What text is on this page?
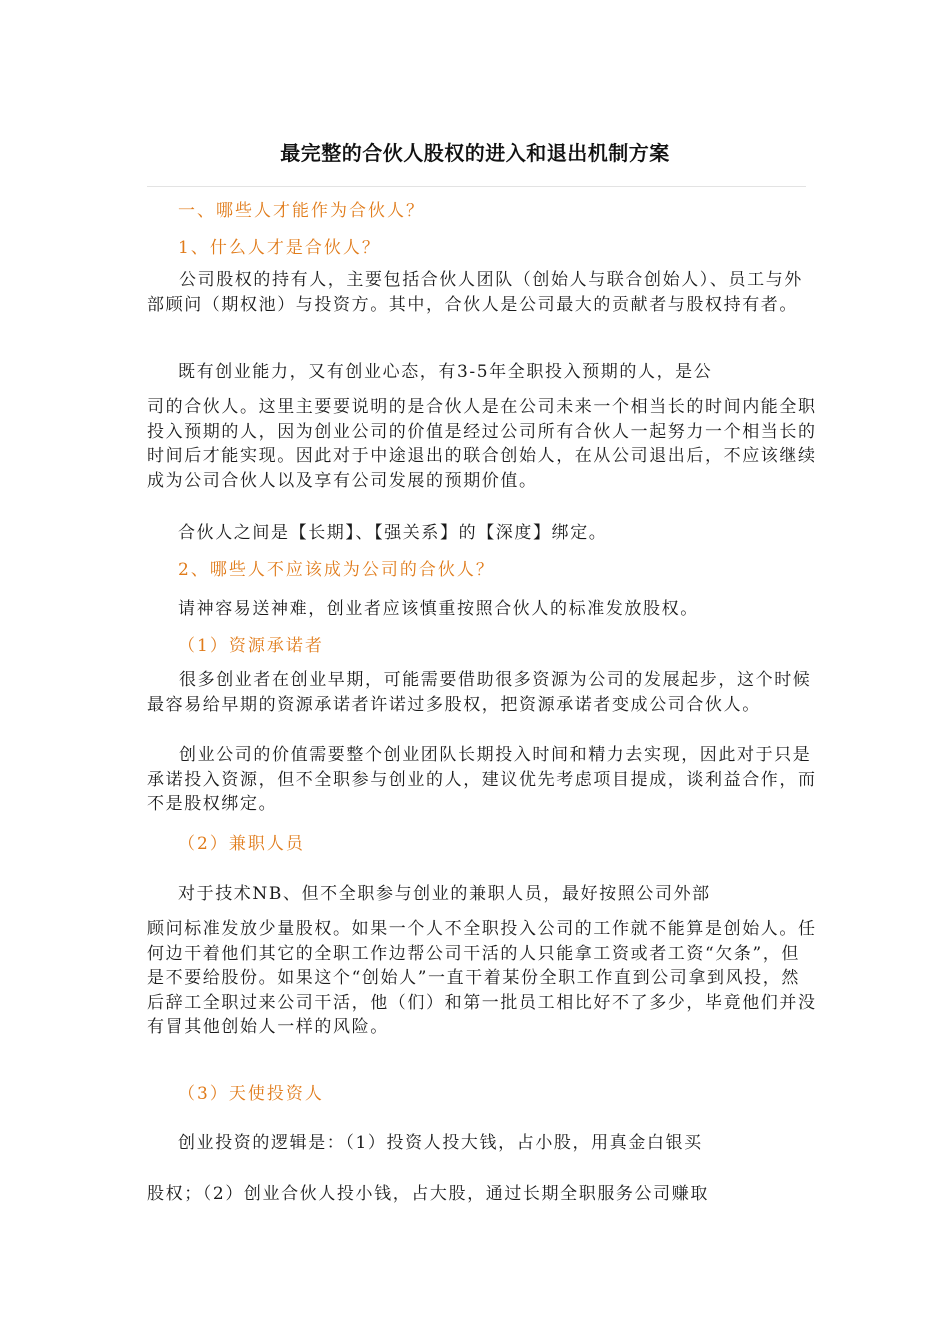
最完整的合伙人股权的进入和退出机制方案
一、哪些人才能作为合伙人？
1、什么人才是合伙人？
公司股权的持有人，主要包括合伙人团队（创始人与联合创始人）、员工与外部顾问（期权池）与投资方。其中，合伙人是公司最大的贡献者与股权持有者。
既有创业能力，又有创业心态，有3-5年全职投入预期的人，是公
司的合伙人。这里主要要说明的是合伙人是在公司未来一个相当长的时间内能全职投入预期的人，因为创业公司的价值是经过公司所有合伙人一起努力一个相当长的时间后才能实现。因此对于中途退出的联合创始人，在从公司退出后，不应该继续成为公司合伙人以及享有公司发展的预期价值。
合伙人之间是【长期】、【强关系】的【深度】绑定。
2、哪些人不应该成为公司的合伙人？
请神容易送神难，创业者应该慎重按照合伙人的标准发放股权。
（1）资源承诺者
很多创业者在创业早期，可能需要借助很多资源为公司的发展起步，这个时候最容易给早期的资源承诺者许诺过多股权，把资源承诺者变成公司合伙人。
创业公司的价值需要整个创业团队长期投入时间和精力去实现，因此对于只是承诺投入资源，但不全职参与创业的人，建议优先考虑项目提成，谈利益合作，而不是股权绑定。
（2）兼职人员
对于技术NB、但不全职参与创业的兼职人员，最好按照公司外部
顾问标准发放少量股权。如果一个人不全职投入公司的工作就不能算是创始人。任何边干着他们其它的全职工作边帮公司干活的人只能拿工资或者工资“欠条”，但是不要给股份。如果这个“创始人”一直干着某份全职工作直到公司拿到风投，然后辞工全职过来公司干活，他（们）和第一批员工相比好不了多少，毕竟他们并没有冒其他创始人一样的风险。
（3）天使投资人
创业投资的逻辑是：（1）投资人投大钱，占小股，用真金白银买
股权；（2）创业合伙人投小钱，占大股，通过长期全职服务公司赚取
